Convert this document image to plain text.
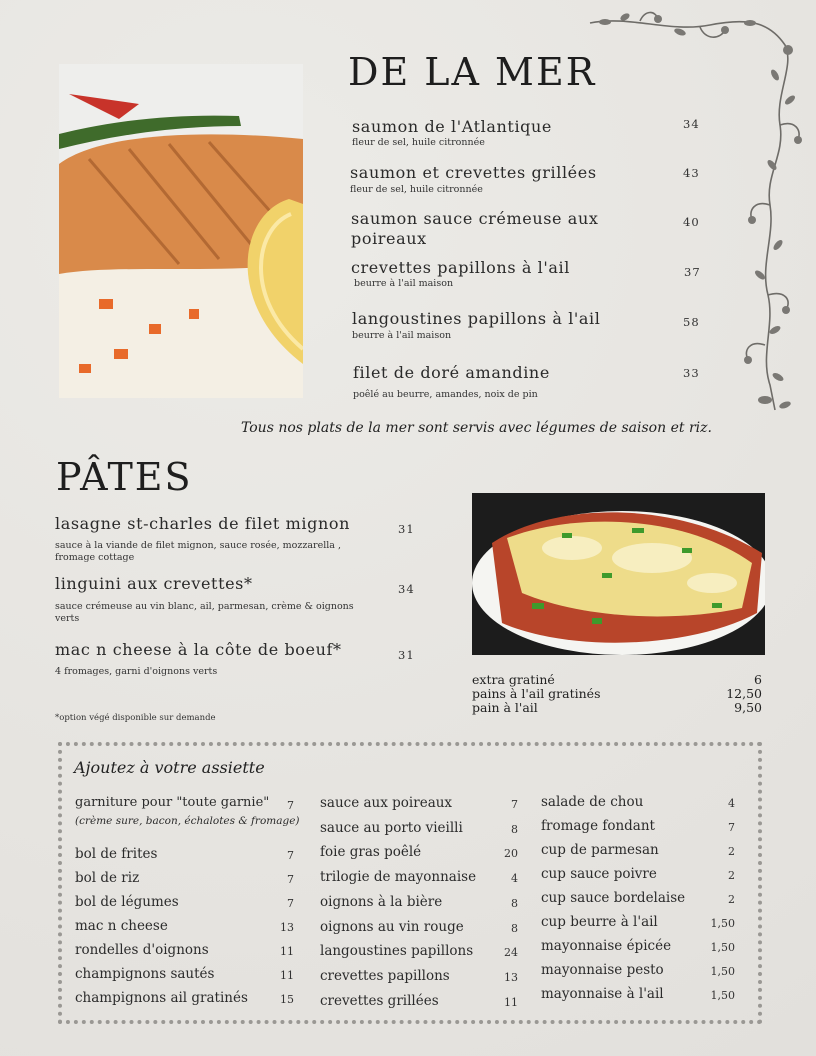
DE LA MER
saumon de l'Atlantique
fleur de sel, huile citronnée
34
saumon et crevettes grillées
fleur de sel, huile citronnée
43
saumon sauce crémeuse aux
poireaux
40
crevettes papillons à l'ail
beurre à l'ail maison
37
langoustines papillons à l'ail
beurre à l'ail maison
58
filet de doré amandine
poêlé au beurre, amandes, noix de pin
33
Tous nos plats de la mer sont servis avec légumes de saison et riz.
PÂTES
lasagne st-charles de filet mignon
sauce à la viande de filet mignon, sauce rosée, mozzarella ,
fromage cottage
31
linguini aux crevettes*
sauce crémeuse au vin blanc, ail, parmesan, crème & oignons
verts
34
mac n cheese à la côte de boeuf*
4 fromages, garni d'oignons verts
31
*option végé disponible sur demande
extra gratiné	6
pains à l'ail gratinés	12,50
pain à l'ail	9,50
Ajoutez à votre assiette
garniture pour "toute garnie"
(crème sure, bacon, échalotes & fromage)
7
bol de frites	7
bol de riz	7
bol de légumes	7
mac n cheese	13
rondelles d'oignons	11
champignons sautés	11
champignons ail gratinés	15
sauce aux poireaux	7
sauce au porto vieilli	8
foie gras poêlé	20
trilogie de mayonnaise	4
oignons à la bière	8
oignons au vin rouge	8
langoustines papillons	24
crevettes papillons	13
crevettes grillées	11
salade de chou	4
fromage fondant	7
cup de parmesan	2
cup sauce poivre	2
cup sauce bordelaise	2
cup beurre à l'ail	1,50
mayonnaise épicée	1,50
mayonnaise pesto	1,50
mayonnaise à l'ail	1,50
